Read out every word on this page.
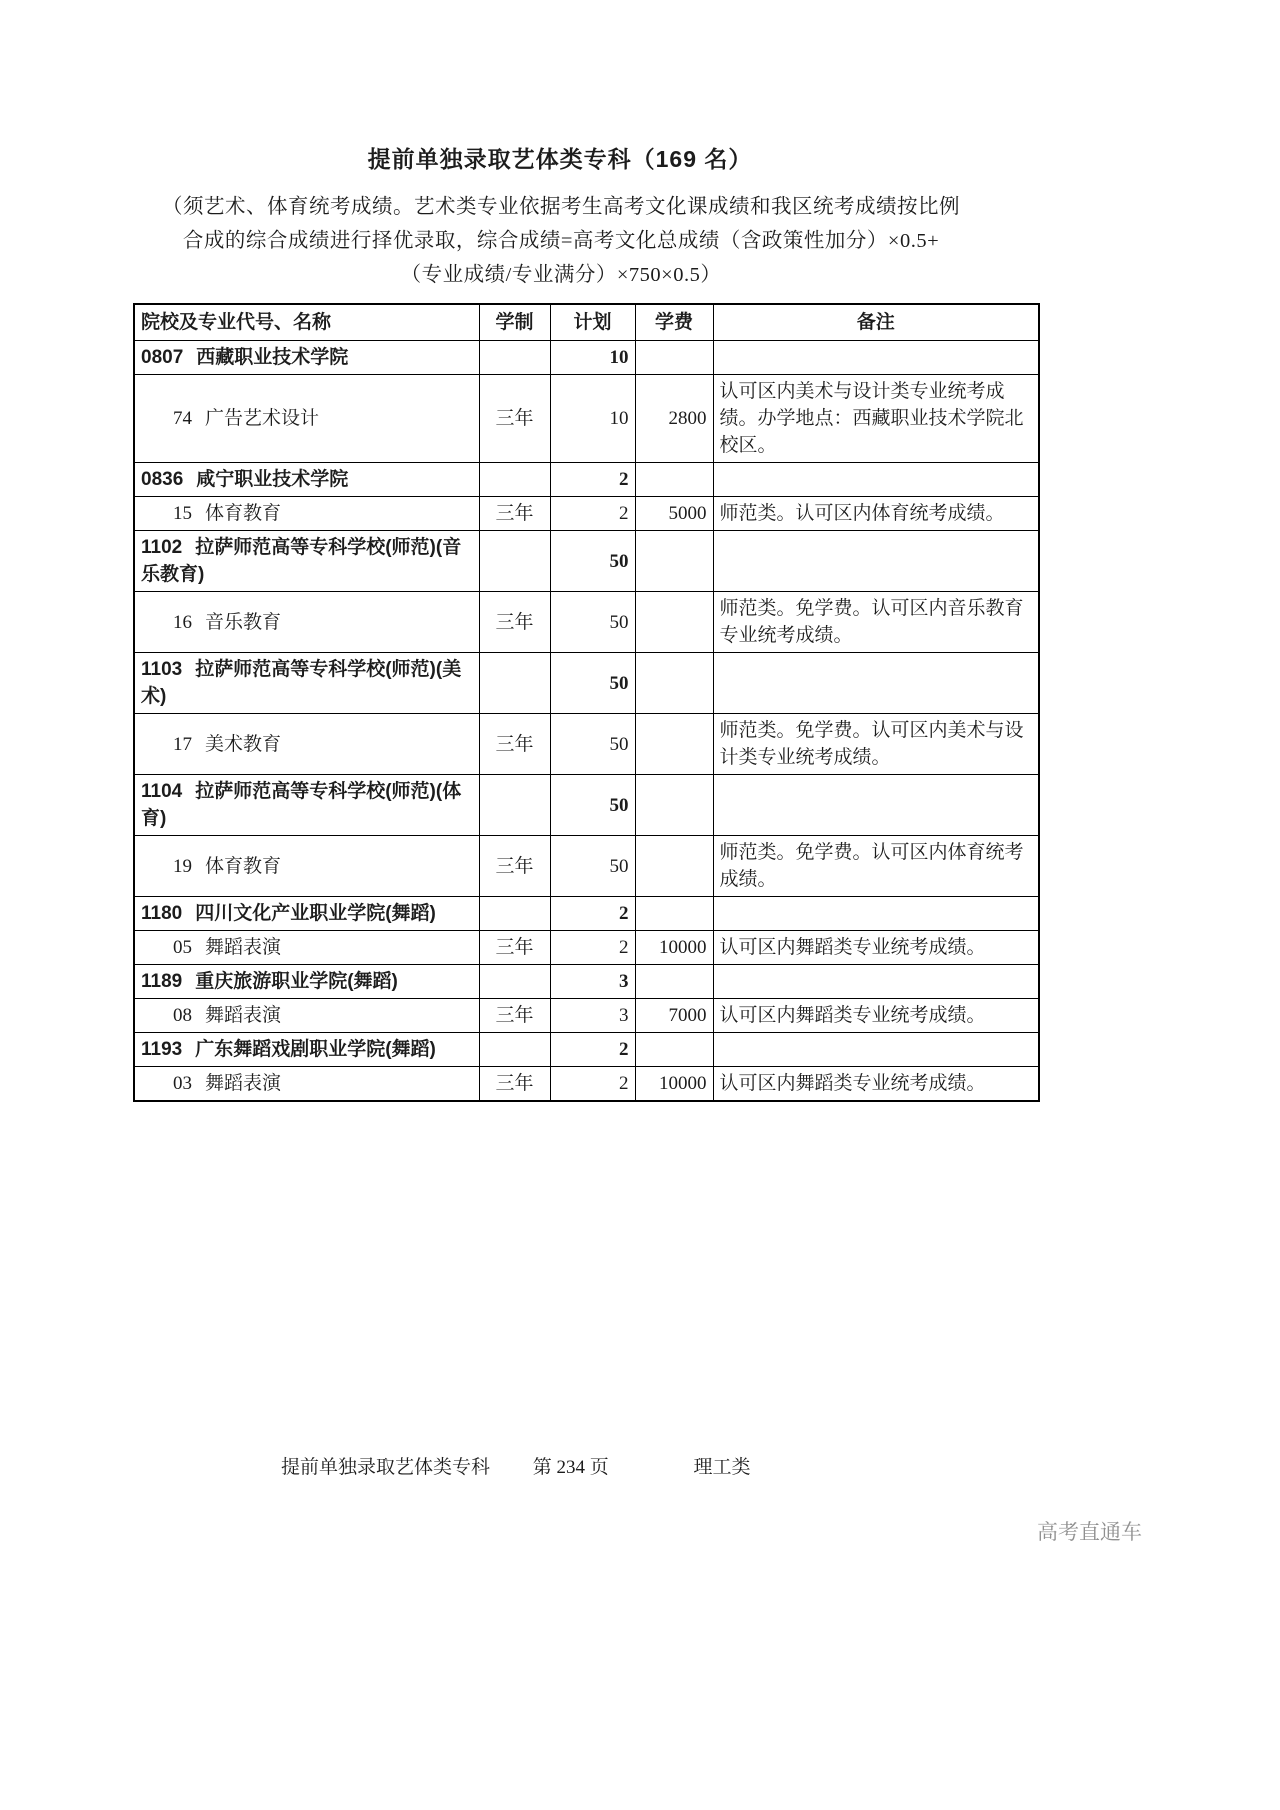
提前单独录取艺体类专科（169 名）
（须艺术、体育统考成绩。艺术类专业依据考生高考文化课成绩和我区统考成绩按比例
合成的综合成绩进行择优录取，综合成绩=高考文化总成绩（含政策性加分）×0.5+
（专业成绩/专业满分）×750×0.5）
院校及专业代号、名称	学制	计划	学费	备注
0807 西藏职业技术学院		10		
74 广告艺术设计	三年	10	2800	认可区内美术与设计类专业统考成绩。办学地点：西藏职业技术学院北校区。
0836 咸宁职业技术学院		2		
15 体育教育	三年	2	5000	师范类。认可区内体育统考成绩。
1102 拉萨师范高等专科学校(师范)(音乐教育)		50		
16 音乐教育	三年	50		师范类。免学费。认可区内音乐教育专业统考成绩。
1103 拉萨师范高等专科学校(师范)(美术)		50		
17 美术教育	三年	50		师范类。免学费。认可区内美术与设计类专业统考成绩。
1104 拉萨师范高等专科学校(师范)(体育)		50		
19 体育教育	三年	50		师范类。免学费。认可区内体育统考成绩。
1180 四川文化产业职业学院(舞蹈)		2		
05 舞蹈表演	三年	2	10000	认可区内舞蹈类专业统考成绩。
1189 重庆旅游职业学院(舞蹈)		3		
08 舞蹈表演	三年	3	7000	认可区内舞蹈类专业统考成绩。
1193 广东舞蹈戏剧职业学院(舞蹈)		2		
03 舞蹈表演	三年	2	10000	认可区内舞蹈类专业统考成绩。
提前单独录取艺体类专科 第 234 页	理工类
高考直通车
